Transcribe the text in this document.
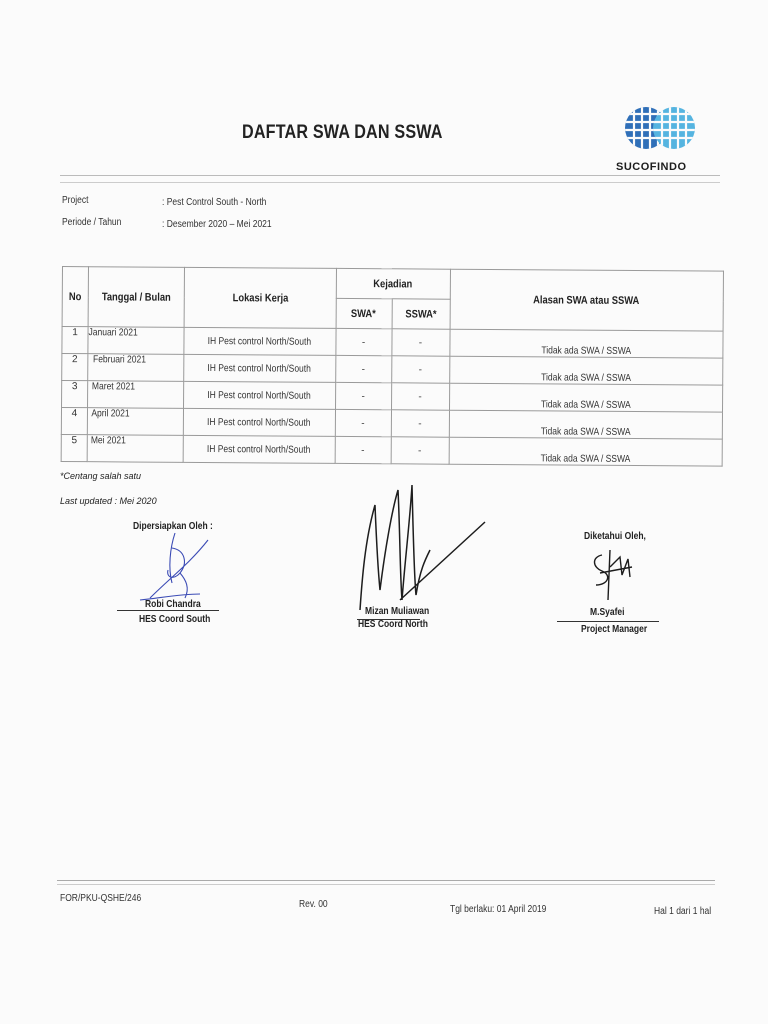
DAFTAR SWA DAN SSWA
SUCOFINDO
Project	: Pest Control South - North
Periode / Tahun	: Desember 2020 – Mei 2021
No	Tanggal / Bulan	Lokasi Kerja	Kejadian		Alasan SWA atau SSWA
			SWA*	SSWA*	
1	Januari 2021	IH Pest control North/South	-	-	Tidak ada SWA / SSWA
2	Februari 2021	IH Pest control North/South	-	-	Tidak ada SWA / SSWA
3	Maret 2021	IH Pest control North/South	-	-	Tidak ada SWA / SSWA
4	April 2021	IH Pest control North/South	-	-	Tidak ada SWA / SSWA
5	Mei 2021	IH Pest control North/South	-	-	Tidak ada SWA / SSWA
*Centang salah satu
Last updated : Mei 2020
Dipersiapkan Oleh :
Robi Chandra
HES Coord South
Mizan Muliawan
HES Coord North
Diketahui Oleh,
M.Syafei
Project Manager
FOR/PKU-QSHE/246
Rev. 00	Tgl berlaku: 01 April 2019	Hal 1 dari 1 hal
